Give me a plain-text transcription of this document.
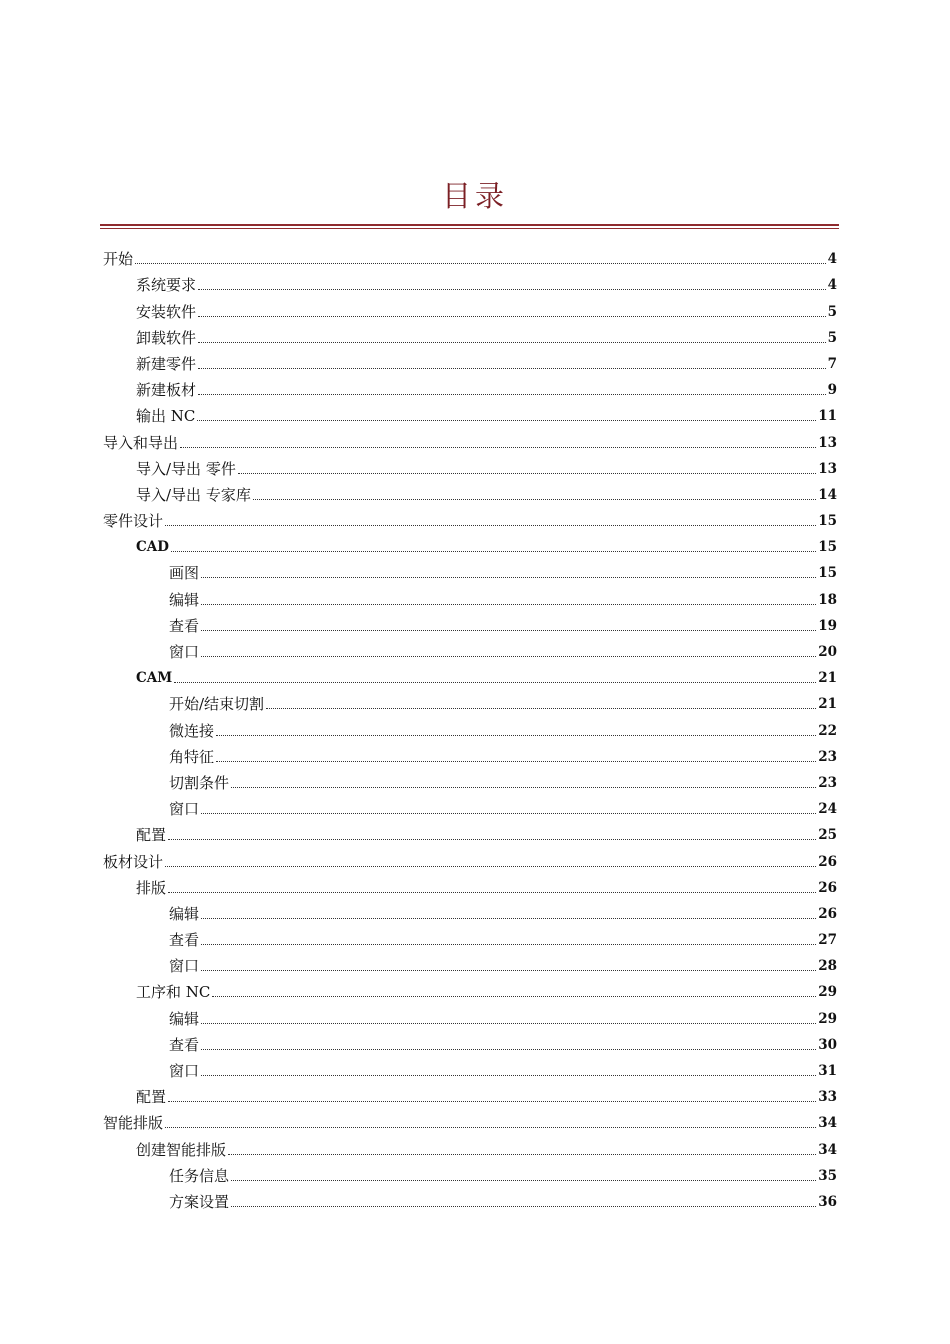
目录
开始	4
系统要求	4
安装软件	5
卸载软件	5
新建零件	7
新建板材	9
输出 NC	11
导入和导出	13
导入/导出 零件	13
导入/导出 专家库	14
零件设计	15
CAD	15
画图	15
编辑	18
查看	19
窗口	20
CAM	21
开始/结束切割	21
微连接	22
角特征	23
切割条件	23
窗口	24
配置	25
板材设计	26
排版	26
编辑	26
查看	27
窗口	28
工序和 NC	29
编辑	29
查看	30
窗口	31
配置	33
智能排版	34
创建智能排版	34
任务信息	35
方案设置	36
